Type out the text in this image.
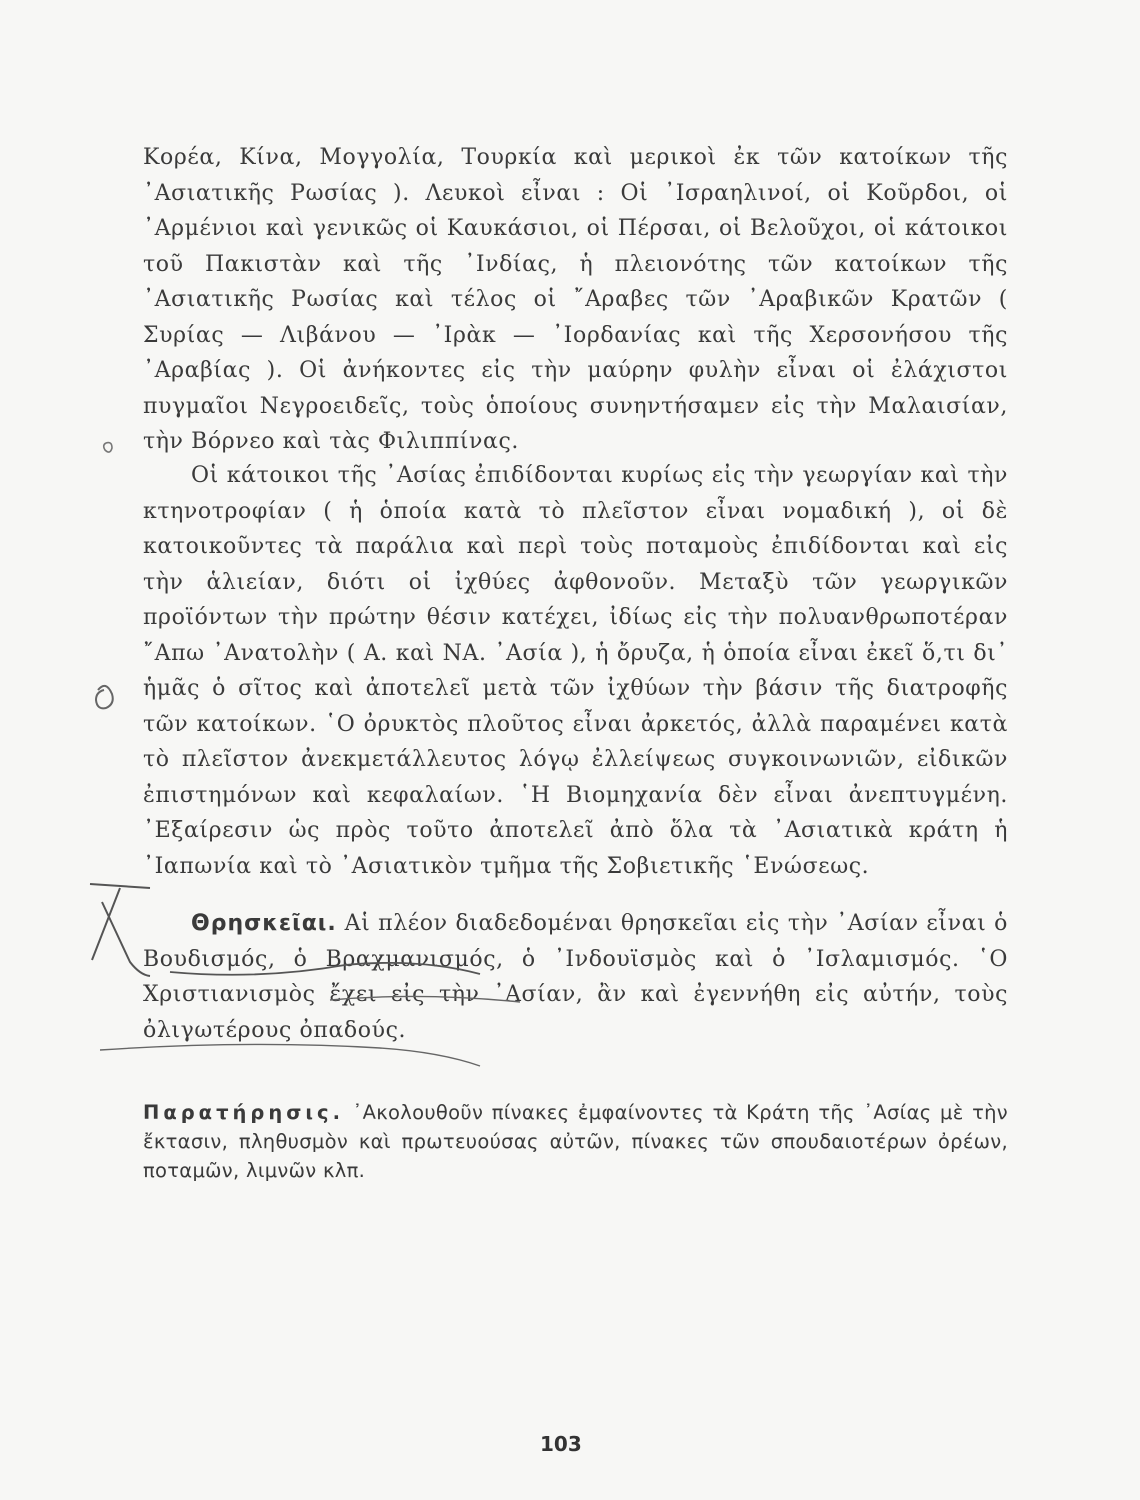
Κορέα, Κίνα, Μογγολία, Τουρκία καὶ μερικοὶ ἐκ τῶν κατοίκων τῆς ᾿Ασιατικῆς Ρωσίας ). Λευκοὶ εἶναι : Οἱ ᾿Ισραηλινοί, οἱ Κοῦρδοι, οἱ ᾿Αρμένιοι καὶ γενικῶς οἱ Καυκάσιοι, οἱ Πέρσαι, οἱ Βελοῦχοι, οἱ κάτοικοι τοῦ Πακιστὰν καὶ τῆς ᾿Ινδίας, ἡ πλειονότης τῶν κατοίκων τῆς ᾿Ασιατικῆς Ρωσίας καὶ τέλος οἱ ῎Αραβες τῶν ᾿Αραβικῶν Κρατῶν ( Συρίας — Λιβάνου — ᾿Ιρὰκ — ᾿Ιορδανίας καὶ τῆς Χερσονήσου τῆς ᾿Αραβίας ). Οἱ ἀνήκοντες εἰς τὴν μαύρην φυλὴν εἶναι οἱ ἐλάχιστοι πυγμαῖοι Νεγροειδεῖς, τοὺς ὁποίους συνηντήσαμεν εἰς τὴν Μαλαισίαν, τὴν Βόρνεο καὶ τὰς Φιλιππίνας.

Οἱ κάτοικοι τῆς ᾿Ασίας ἐπιδίδονται κυρίως εἰς τὴν γεωργίαν καὶ τὴν κτηνοτροφίαν ( ἡ ὁποία κατὰ τὸ πλεῖστον εἶναι νομαδική ), οἱ δὲ κατοικοῦντες τὰ παράλια καὶ περὶ τοὺς ποταμοὺς ἐπιδίδονται καὶ εἰς τὴν ἁλιείαν, διότι οἱ ἰχθύες ἀφθονοῦν. Μεταξὺ τῶν γεωργικῶν προϊόντων τὴν πρώτην θέσιν κατέχει, ἰδίως εἰς τὴν πολυανθρωποτέραν ῎Απω ᾿Ανατολὴν ( Α. καὶ ΝΑ. ᾿Ασία ), ἡ ὄρυζα, ἡ ὁποία εἶναι ἐκεῖ ὅ,τι δι᾿ ἡμᾶς ὁ σῖτος καὶ ἀποτελεῖ μετὰ τῶν ἰχθύων τὴν βάσιν τῆς διατροφῆς τῶν κατοίκων. ῾Ο ὀρυκτὸς πλοῦτος εἶναι ἀρκετός, ἀλλὰ παραμένει κατὰ τὸ πλεῖστον ἀνεκμετάλλευτος λόγῳ ἐλλείψεως συγκοινωνιῶν, εἰδικῶν ἐπιστημόνων καὶ κεφαλαίων. ῾Η Βιομηχανία δὲν εἶναι ἀνεπτυγμένη. ᾿Εξαίρεσιν ὡς πρὸς τοῦτο ἀποτελεῖ ἀπὸ ὅλα τὰ ᾿Ασιατικὰ κράτη ἡ ᾿Ιαπωνία καὶ τὸ ᾿Ασιατικὸν τμῆμα τῆς Σοβιετικῆς ῾Ενώσεως.

Θρησκεῖαι. Αἱ πλέον διαδεδομέναι θρησκεῖαι εἰς τὴν ᾿Ασίαν εἶναι ὁ Βουδισμός, ὁ Βραχμανισμός, ὁ ᾿Ινδουϊσμὸς καὶ ὁ ᾿Ισλαμισμός. ῾Ο Χριστιανισμὸς ἔχει εἰς τὴν ᾿Ασίαν, ἂν καὶ ἐγεννήθη εἰς αὐτήν, τοὺς ὀλιγωτέρους ὀπαδούς.

Παρατήρησις. ᾿Ακολουθοῦν πίνακες ἐμφαίνοντες τὰ Κράτη τῆς ᾿Ασίας μὲ τὴν ἔκτασιν, πληθυσμὸν καὶ πρωτευούσας αὐτῶν, πίνακες τῶν σπουδαιοτέρων ὀρέων, ποταμῶν, λιμνῶν κλπ.

103
